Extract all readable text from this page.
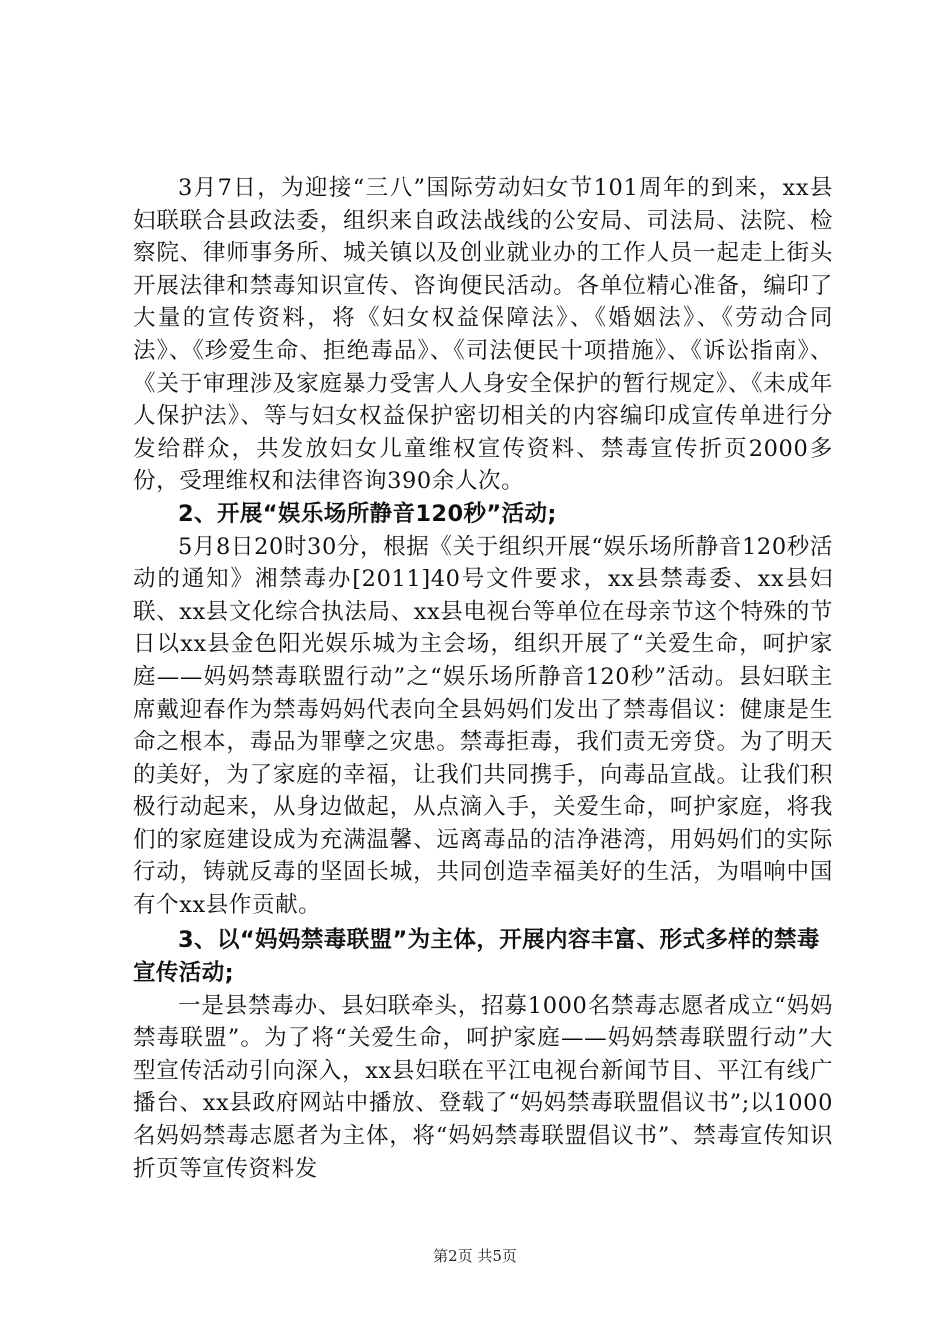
3月7日，为迎接“三八”国际劳动妇女节101周年的到来，xx县妇联联合县政法委，组织来自政法战线的公安局、司法局、法院、检察院、律师事务所、城关镇以及创业就业办的工作人员一起走上街头开展法律和禁毒知识宣传、咨询便民活动。各单位精心准备，编印了大量的宣传资料，将《妇女权益保障法》、《婚姻法》、《劳动合同法》、《珍爱生命、拒绝毒品》、《司法便民十项措施》、《诉讼指南》、《关于审理涉及家庭暴力受害人人身安全保护的暂行规定》、《未成年人保护法》、等与妇女权益保护密切相关的内容编印成宣传单进行分发给群众，共发放妇女儿童维权宣传资料、禁毒宣传折页2000多份，受理维权和法律咨询390余人次。

2、开展“娱乐场所静音120秒”活动;

5月8日20时30分，根据《关于组织开展“娱乐场所静音120秒活动的通知》湘禁毒办[2011]40号文件要求，xx县禁毒委、xx县妇联、xx县文化综合执法局、xx县电视台等单位在母亲节这个特殊的节日以xx县金色阳光娱乐城为主会场，组织开展了“关爱生命，呵护家庭——妈妈禁毒联盟行动”之“娱乐场所静音120秒”活动。县妇联主席戴迎春作为禁毒妈妈代表向全县妈妈们发出了禁毒倡议：健康是生命之根本，毒品为罪孽之灾患。禁毒拒毒，我们责无旁贷。为了明天的美好，为了家庭的幸福，让我们共同携手，向毒品宣战。让我们积极行动起来，从身边做起，从点滴入手，关爱生命，呵护家庭，将我们的家庭建设成为充满温馨、远离毒品的洁净港湾，用妈妈们的实际行动，铸就反毒的坚固长城，共同创造幸福美好的生活，为唱响中国有个xx县作贡献。

3、以“妈妈禁毒联盟”为主体，开展内容丰富、形式多样的禁毒宣传活动;

一是县禁毒办、县妇联牵头，招募1000名禁毒志愿者成立“妈妈禁毒联盟”。为了将“关爱生命，呵护家庭——妈妈禁毒联盟行动”大型宣传活动引向深入，xx县妇联在平江电视台新闻节目、平江有线广播台、xx县政府网站中播放、登载了“妈妈禁毒联盟倡议书”;以1000名妈妈禁毒志愿者为主体，将“妈妈禁毒联盟倡议书”、禁毒宣传知识折页等宣传资料发

第2页 共5页
